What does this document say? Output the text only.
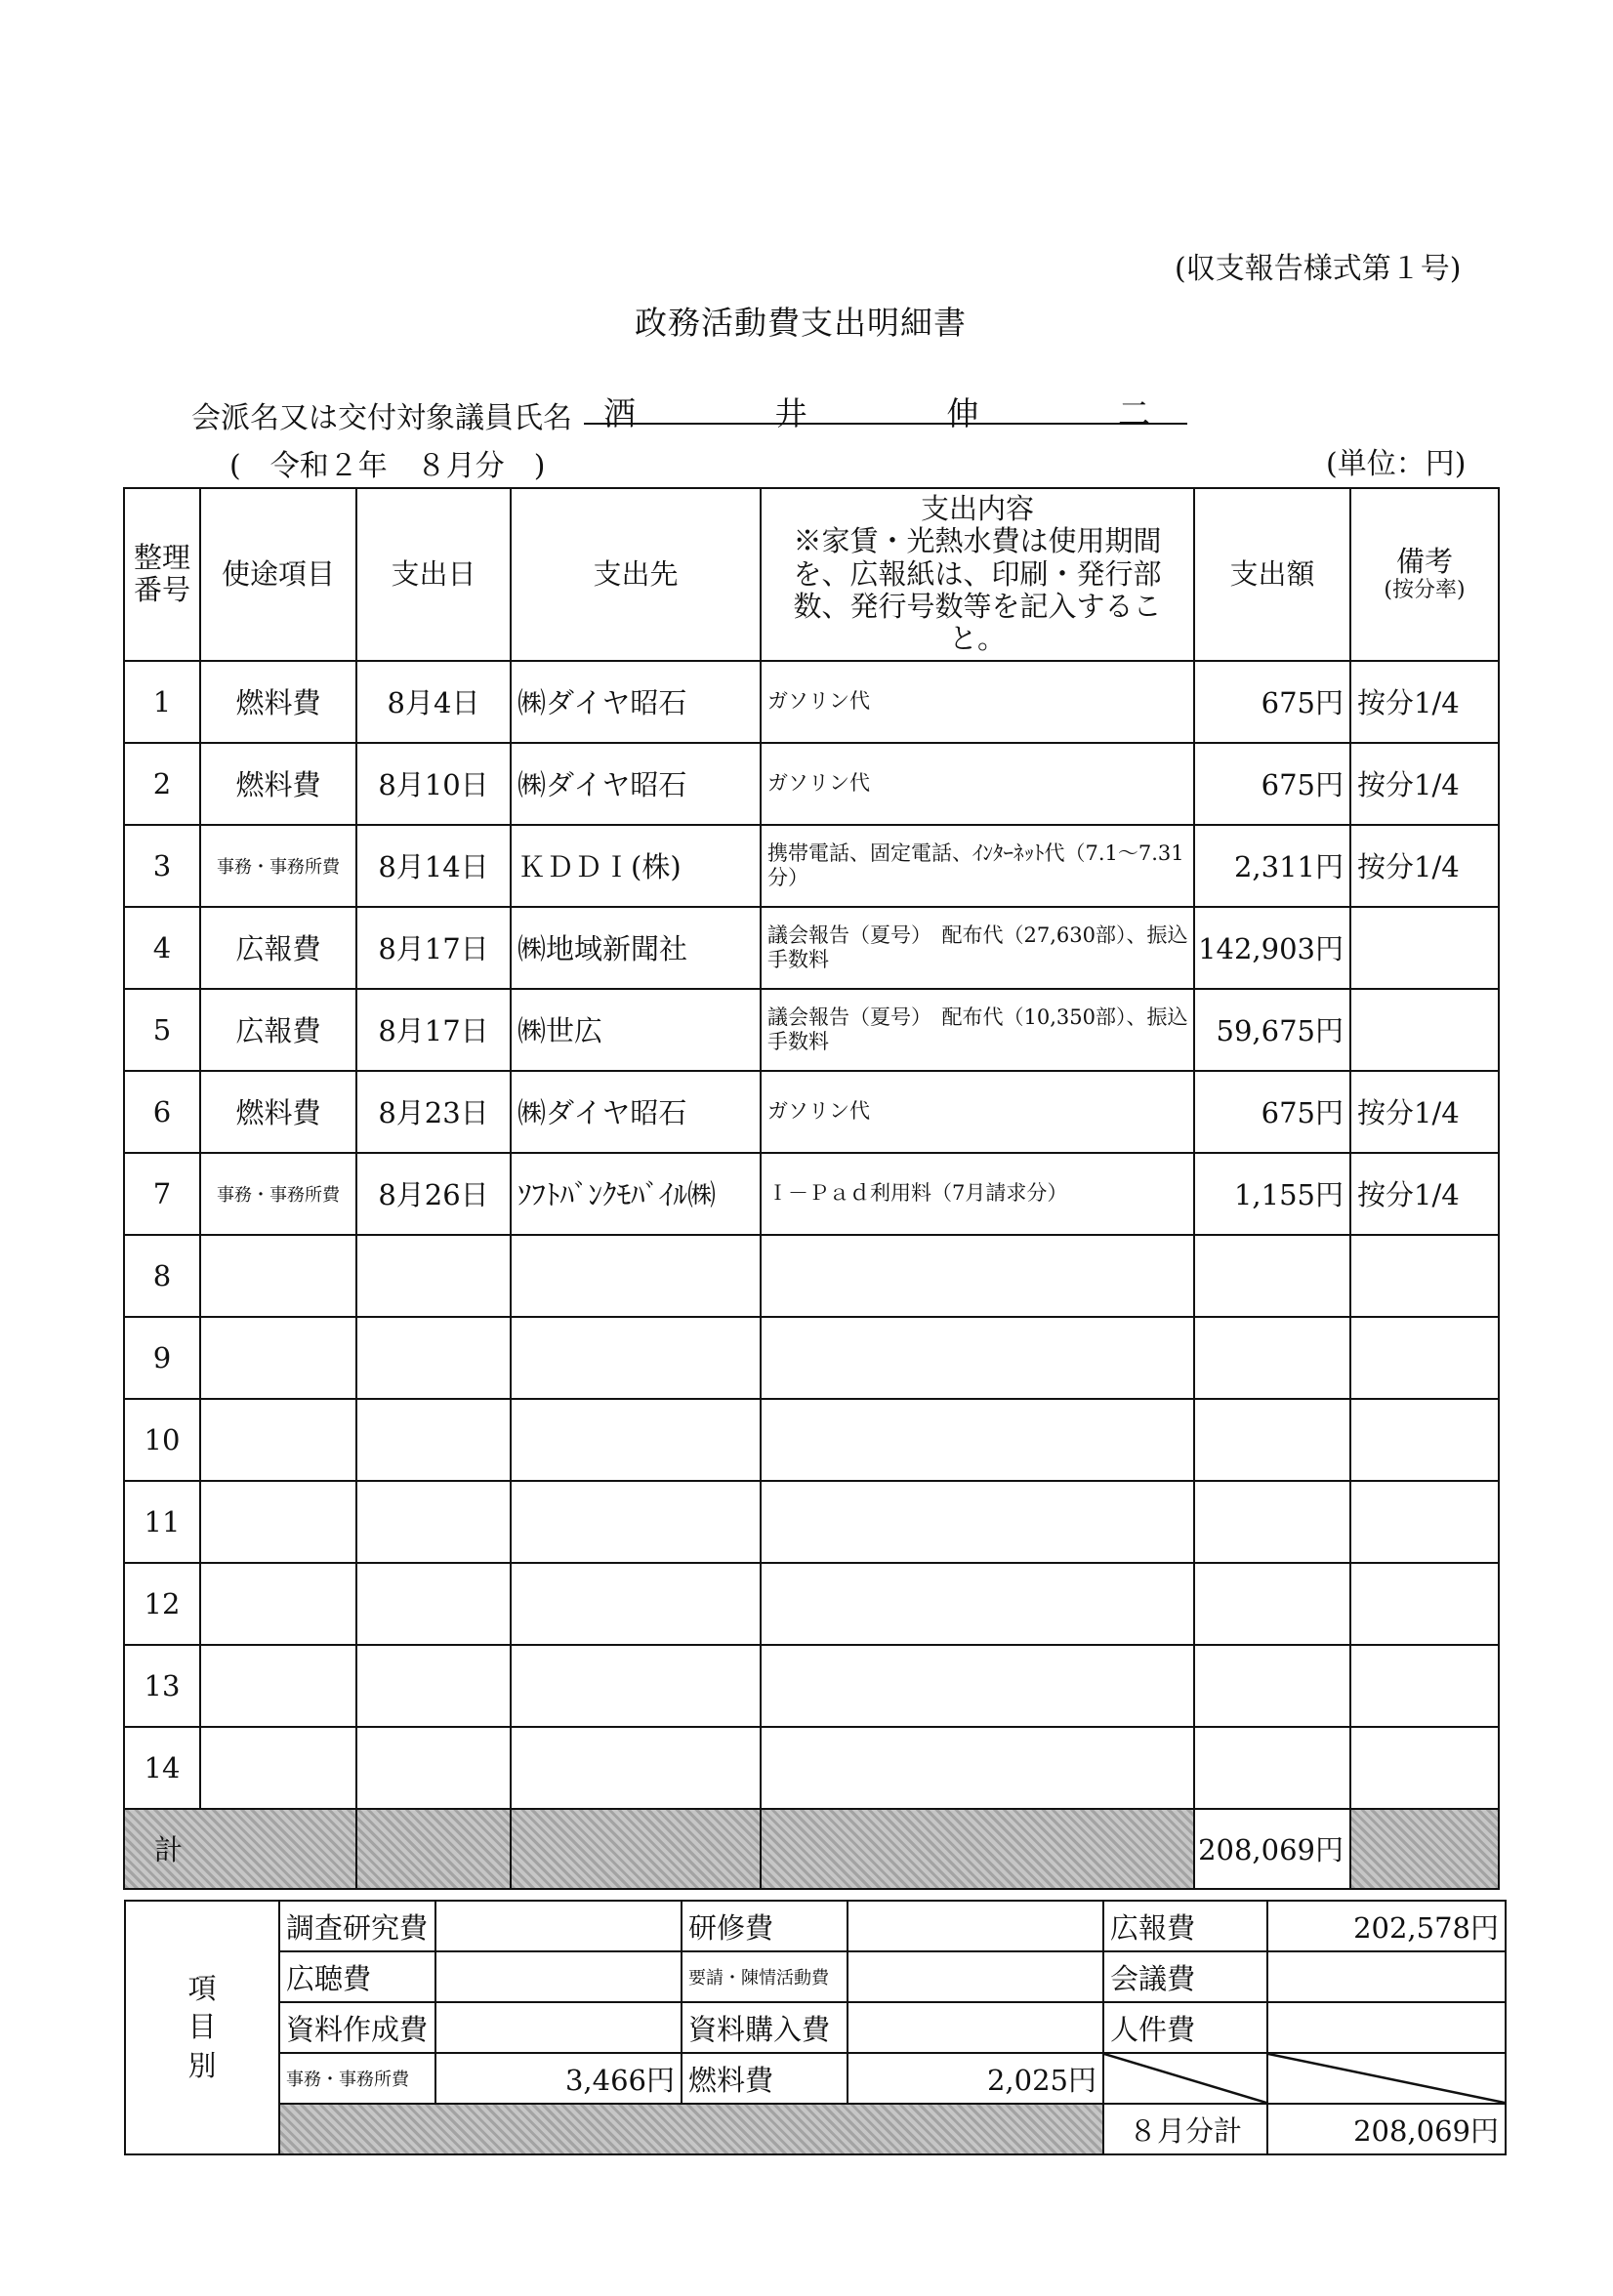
(収支報告様式第１号)
政務活動費支出明細書
会派名又は交付対象議員氏名 酒	井	伸	二
(　令和２年　８月分　)	(単位：円)
整理番号	使途項目	支出日	支出先	支出内容
※家賃・光熱水費は使用期間を、広報紙は、印刷・発行部数、発行号数等を記入すること。	支出額	備考
(按分率)

1	燃料費	8月4日	㈱ダイヤ昭石	ガソリン代	675円	按分1/4
2	燃料費	8月10日	㈱ダイヤ昭石	ガソリン代	675円	按分1/4
3	事務・事務所費	8月14日	ＫＤＤＩ(株)	携帯電話、固定電話、ｲﾝﾀｰﾈｯﾄ代（7.1～7.31分）	2,311円	按分1/4
4	広報費	8月17日	㈱地域新聞社	議会報告（夏号）　配布代（27,630部）、振込手数料	142,903円	
5	広報費	8月17日	㈱世広	議会報告（夏号）　配布代（10,350部）、振込手数料	59,675円	
6	燃料費	8月23日	㈱ダイヤ昭石	ガソリン代	675円	按分1/4
7	事務・事務所費	8月26日	ｿﾌﾄﾊﾞﾝｸﾓﾊﾞｲﾙ㈱	Ｉ－Ｐａｄ利用料（7月請求分）	1,155円	按分1/4
8						
9						
10						
11						
12						
13						
14						
計					208,069円	
項
目
別	調査研究費		研修費		広報費	202,578円
	広聴費		要請・陳情活動費		会議費	
	資料作成費		資料購入費		人件費	
	事務・事務所費	3,466円	燃料費	2,025円		
					８月分計	208,069円
